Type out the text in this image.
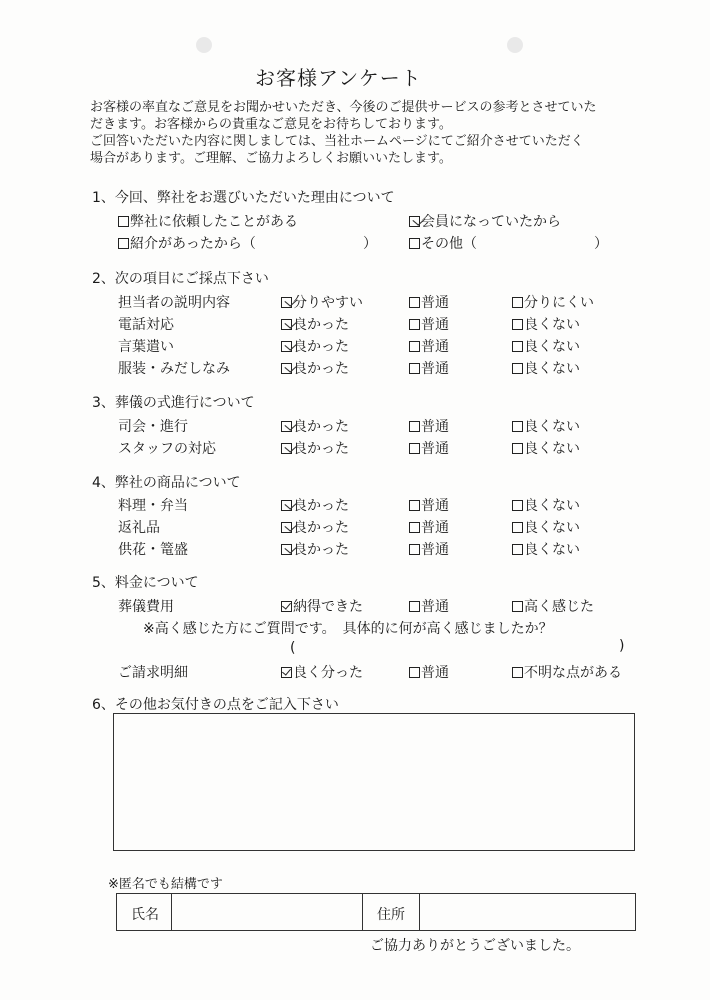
お客様アンケート
お客様の率直なご意見をお聞かせいただき、今後のご提供サービスの参考とさせていた
だきます。お客様からの貴重なご意見をお待ちしております。
ご回答いただいた内容に関しましては、当社ホームページにてご紹介させていただく
場合があります。ご理解、ご協力よろしくお願いいたします。
1、今回、弊社をお選びいただいた理由について
弊社に依頼したことがある	会員になっていたから
紹介があったから（	）	その他（	）
2、次の項目にご採点下さい
担当者の説明内容	分りやすい	普通	分りにくい
電話対応	良かった	普通	良くない
言葉遣い	良かった	普通	良くない
服装・みだしなみ	良かった	普通	良くない
3、葬儀の式進行について
司会・進行	良かった	普通	良くない
スタッフの対応	良かった	普通	良くない
4、弊社の商品について
料理・弁当	良かった	普通	良くない
返礼品	良かった	普通	良くない
供花・篭盛	良かった	普通	良くない
5、料金について
葬儀費用	納得できた	普通	高く感じた
※高く感じた方にご質問です。　具体的に何が高く感じましたか？
(	)
ご請求明細	良く分った	普通	不明な点がある
6、その他お気付きの点をご記入下さい
※匿名でも結構です
氏名	住所
ご協力ありがとうございました。
